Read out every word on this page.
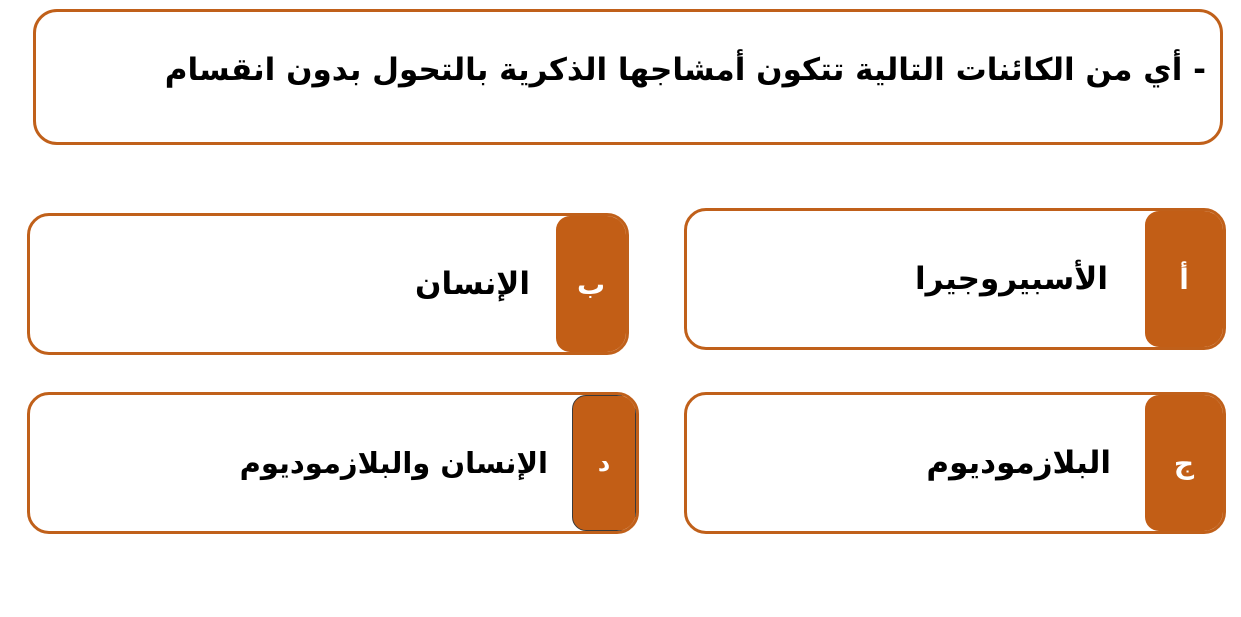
- أي من الكائنات التالية تتكون أمشاجها الذكرية بالتحول بدون انقسام
أ
الأسبيروجيرا
ب
الإنسان
ج
البلازموديوم
د
الإنسان والبلازموديوم
